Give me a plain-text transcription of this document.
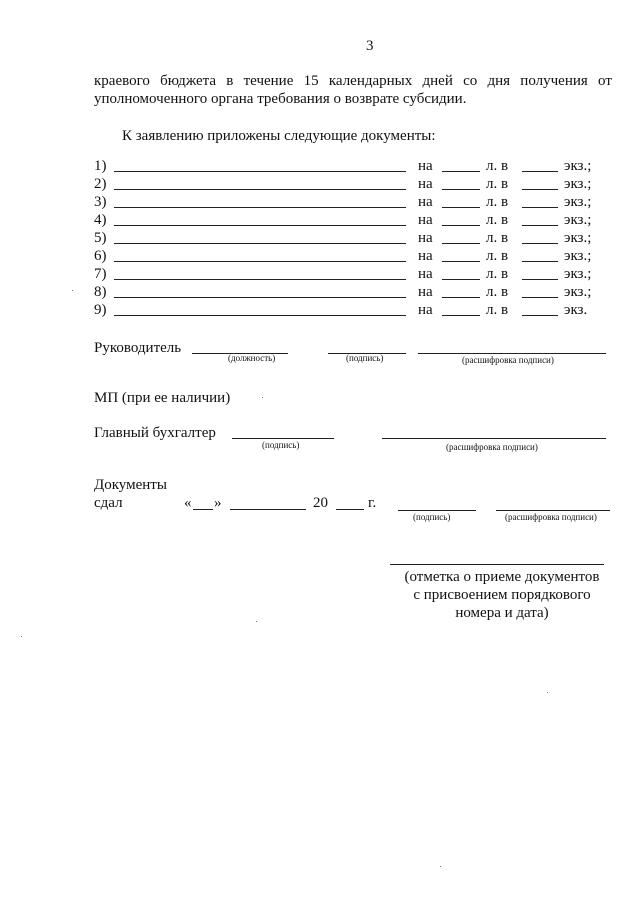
3
краевого бюджета в течение 15 календарных дней со дня получения от
уполномоченного органа требования о возврате субсидии.
К заявлению приложены следующие документы:
1)	на	л. в	экз.;
2)	на	л. в	экз.;
3)	на	л. в	экз.;
4)	на	л. в	экз.;
5)	на	л. в	экз.;
6)	на	л. в	экз.;
7)	на	л. в	экз.;
8)	на	л. в	экз.;
9)	на	л. в	экз.
Руководитель
(должность)	(подпись)	(расшифровка подписи)
МП (при ее наличии)
Главный бухгалтер
(подпись)	(расшифровка подписи)
Документы
сдал	« »	20	г.
(подпись)	(расшифровка подписи)
(отметка о приеме документов
с присвоением порядкового
номера и дата)
